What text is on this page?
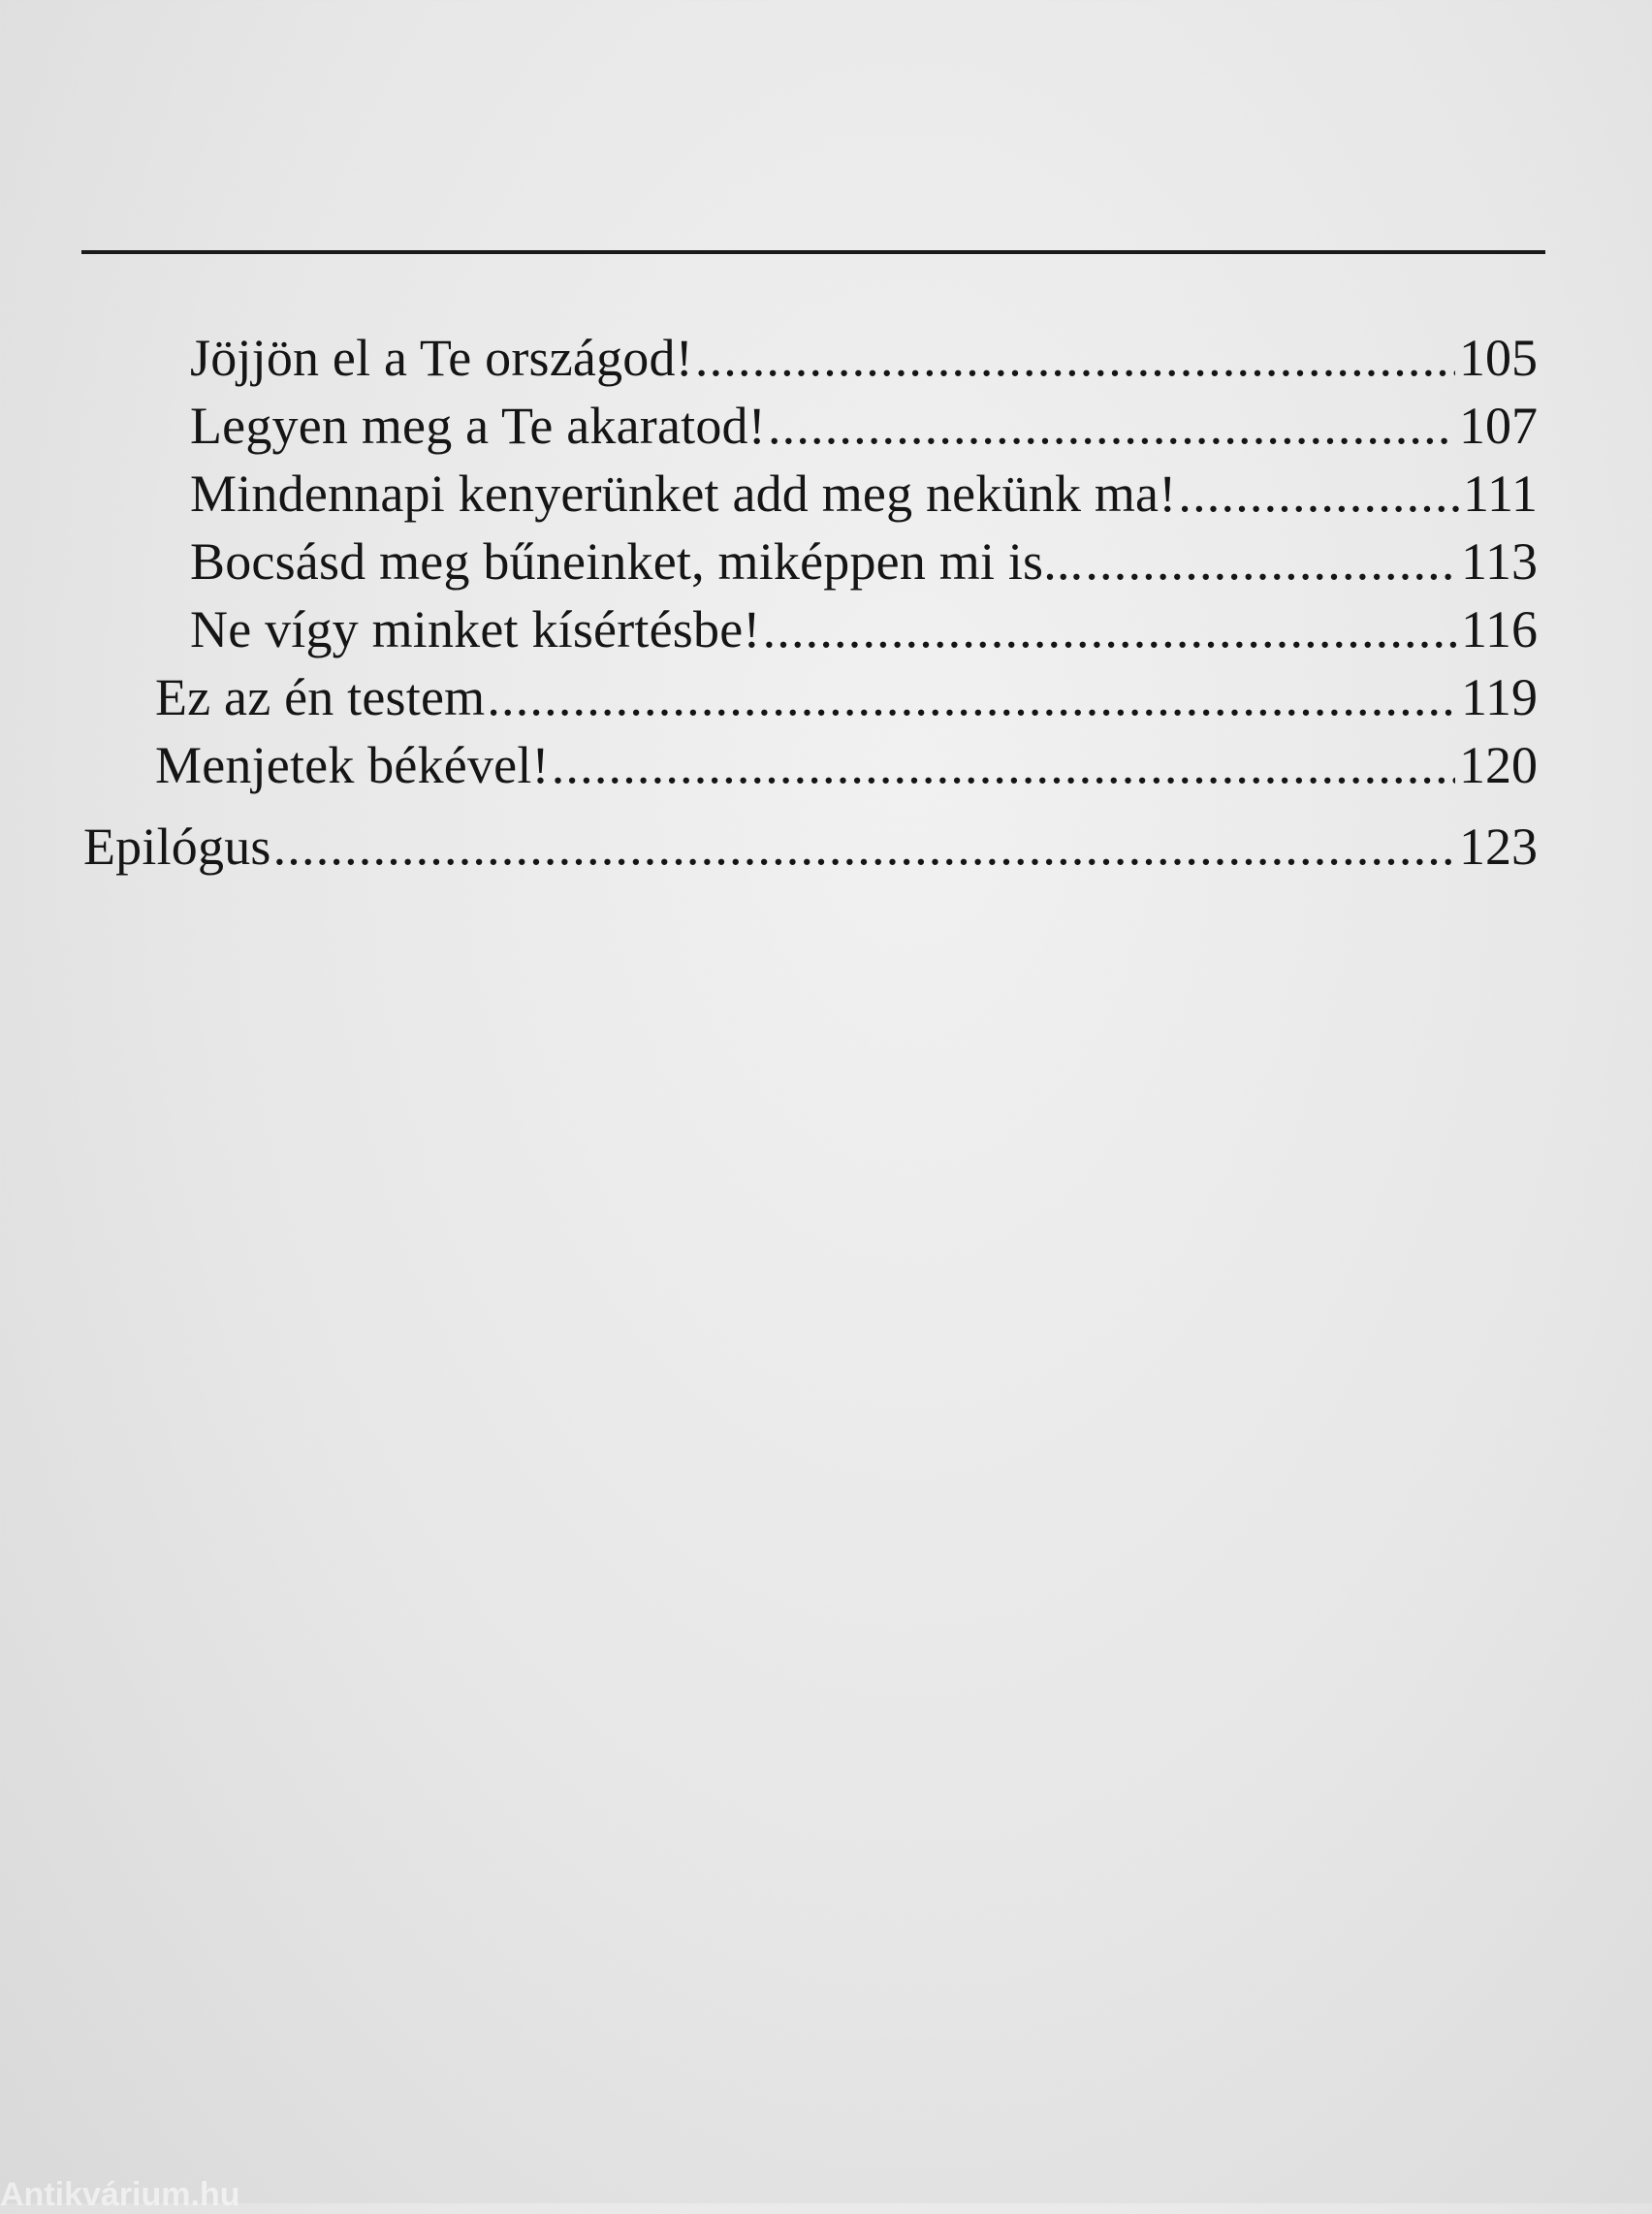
Jöjjön el a Te országod! .....	105
Legyen meg a Te akaratod! .....	107
Mindennapi kenyerünket add meg nekünk ma! .....	111
Bocsásd meg bűneinket, miképpen mi is... .....	113
Ne vígy minket kísértésbe! .....	116
Ez az én testem .....	119
Menjetek békével! .....	120
Epilógus .....	123
Antikvárium.hu
